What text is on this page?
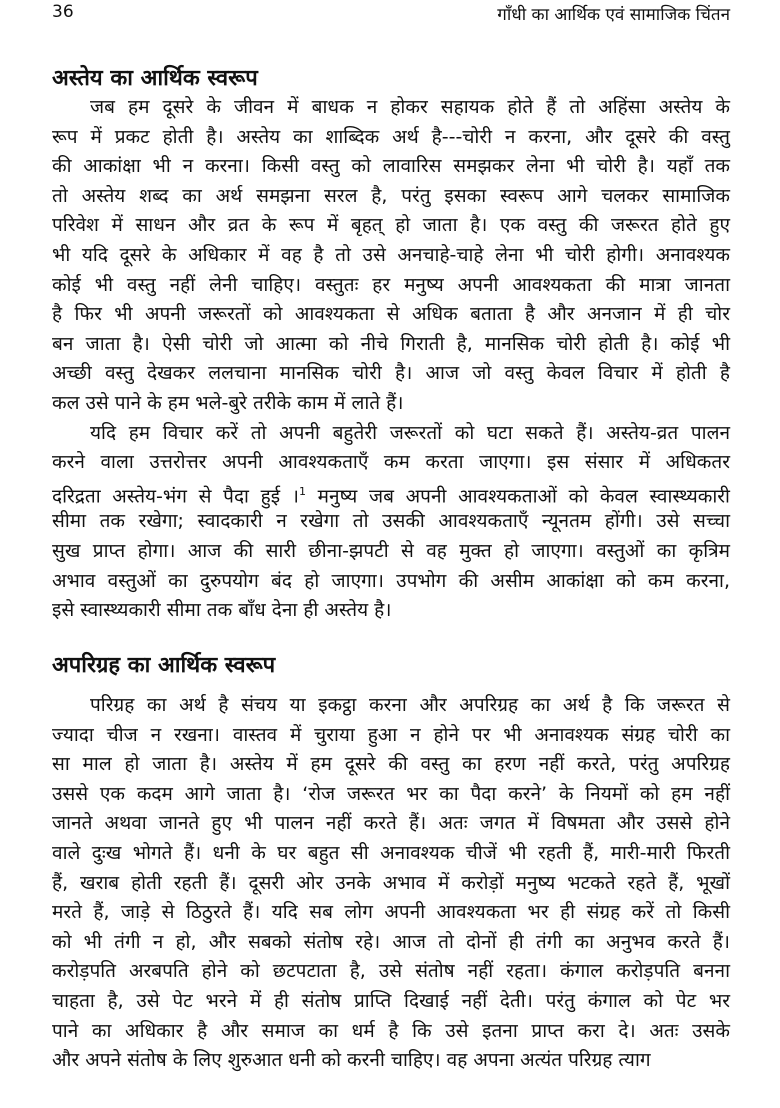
36	गाँधी का आर्थिक एवं सामाजिक चिंतन
अस्तेय का आर्थिक स्वरूप
जब हम दूसरे के जीवन में बाधक न होकर सहायक होते हैं तो अहिंसा अस्तेय के
रूप में प्रकट होती है। अस्तेय का शाब्दिक अर्थ है---चोरी न करना, और दूसरे की वस्तु
की आकांक्षा भी न करना। किसी वस्तु को लावारिस समझकर लेना भी चोरी है। यहाँ तक
तो अस्तेय शब्द का अर्थ समझना सरल है, परंतु इसका स्वरूप आगे चलकर सामाजिक
परिवेश में साधन और व्रत के रूप में बृहत् हो जाता है। एक वस्तु की जरूरत होते हुए
भी यदि दूसरे के अधिकार में वह है तो उसे अनचाहे-चाहे लेना भी चोरी होगी। अनावश्यक
कोई भी वस्तु नहीं लेनी चाहिए। वस्तुतः हर मनुष्य अपनी आवश्यकता की मात्रा जानता
है फिर भी अपनी जरूरतों को आवश्यकता से अधिक बताता है और अनजान में ही चोर
बन जाता है। ऐसी चोरी जो आत्मा को नीचे गिराती है, मानसिक चोरी होती है। कोई भी
अच्छी वस्तु देखकर ललचाना मानसिक चोरी है। आज जो वस्तु केवल विचार में होती है
कल उसे पाने के हम भले-बुरे तरीके काम में लाते हैं।
यदि हम विचार करें तो अपनी बहुतेरी जरूरतों को घटा सकते हैं। अस्तेय-व्रत पालन
करने वाला उत्तरोत्तर अपनी आवश्यकताएँ कम करता जाएगा। इस संसार में अधिकतर
दरिद्रता अस्तेय-भंग से पैदा हुई ।$^1$ मनुष्य जब अपनी आवश्यकताओं को केवल स्वास्थ्यकारी
सीमा तक रखेगा; स्वादकारी न रखेगा तो उसकी आवश्यकताएँ न्यूनतम होंगी। उसे सच्चा
सुख प्राप्त होगा। आज की सारी छीना-झपटी से वह मुक्त हो जाएगा। वस्तुओं का कृत्रिम
अभाव वस्तुओं का दुरुपयोग बंद हो जाएगा। उपभोग की असीम आकांक्षा को कम करना,
इसे स्वास्थ्यकारी सीमा तक बाँध देना ही अस्तेय है।
अपरिग्रह का आर्थिक स्वरूप
परिग्रह का अर्थ है संचय या इकट्ठा करना और अपरिग्रह का अर्थ है कि जरूरत से
ज्यादा चीज न रखना। वास्तव में चुराया हुआ न होने पर भी अनावश्यक संग्रह चोरी का
सा माल हो जाता है। अस्तेय में हम दूसरे की वस्तु का हरण नहीं करते, परंतु अपरिग्रह
उससे एक कदम आगे जाता है। ‘रोज जरूरत भर का पैदा करने’ के नियमों को हम नहीं
जानते अथवा जानते हुए भी पालन नहीं करते हैं। अतः जगत में विषमता और उससे होने
वाले दुःख भोगते हैं। धनी के घर बहुत सी अनावश्यक चीजें भी रहती हैं, मारी-मारी फिरती
हैं, खराब होती रहती हैं। दूसरी ओर उनके अभाव में करोड़ों मनुष्य भटकते रहते हैं, भूखों
मरते हैं, जाड़े से ठिठुरते हैं। यदि सब लोग अपनी आवश्यकता भर ही संग्रह करें तो किसी
को भी तंगी न हो, और सबको संतोष रहे। आज तो दोनों ही तंगी का अनुभव करते हैं।
करोड़पति अरबपति होने को छटपटाता है, उसे संतोष नहीं रहता। कंगाल करोड़पति बनना
चाहता है, उसे पेट भरने में ही संतोष प्राप्ति दिखाई नहीं देती। परंतु कंगाल को पेट भर
पाने का अधिकार है और समाज का धर्म है कि उसे इतना प्राप्त करा दे। अतः उसके
और अपने संतोष के लिए शुरुआत धनी को करनी चाहिए। वह अपना अत्यंत परिग्रह त्याग
